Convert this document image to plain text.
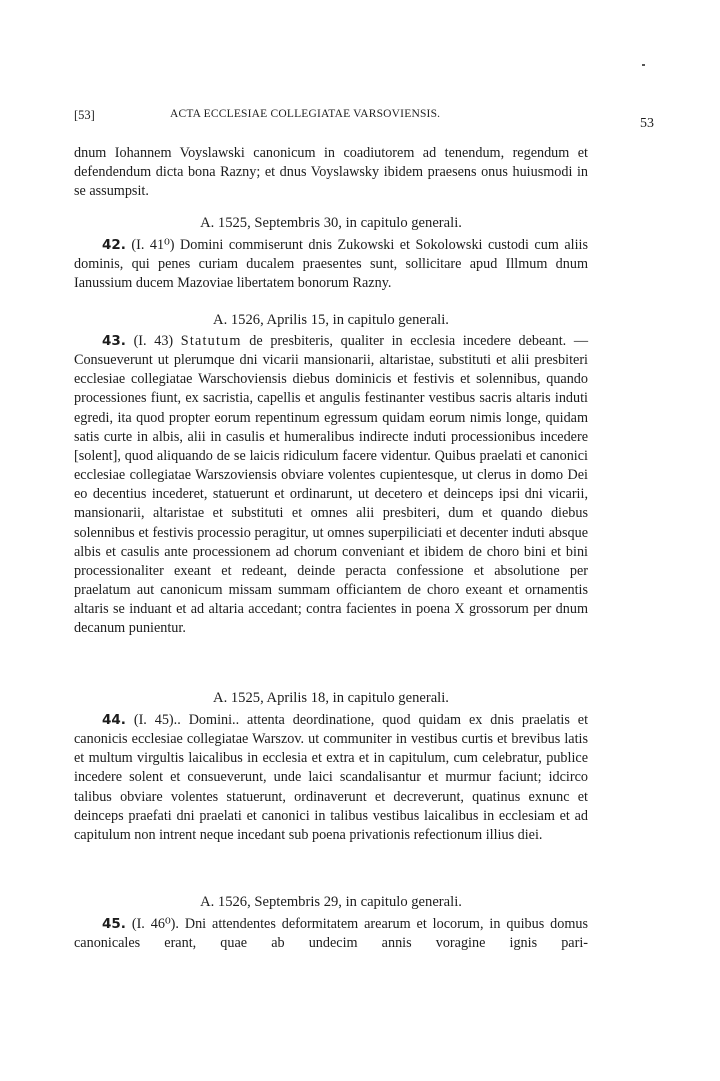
[53]	ACTA ECCLESIAE COLLEGIATAE VARSOVIENSIS.
53
dnum Iohannem Voyslawski canonicum in coadiutorem ad tenendum, regendum et defendendum dicta bona Razny; et dnus Voyslawsky ibidem praesens onus huiusmodi in se assumpsit.
A. 1525, Septembris 30, in capitulo generali.
42. (I. 41⁰) Domini commiserunt dnis Zukowski et Sokolowski custodi cum aliis dominis, qui penes curiam ducalem praesentes sunt, sollicitare apud Illmum dnum Ianussium ducem Mazoviae libertatem bonorum Razny.
A. 1526, Aprilis 15, in capitulo generali.
43. (I. 43) Statutum de presbiteris, qualiter in ecclesia incedere debeant. — Consueverunt ut plerumque dni vicarii mansionarii, altaristae, substituti et alii presbiteri ecclesiae collegiatae Warschoviensis diebus dominicis et festivis et solennibus, quando processiones fiunt, ex sacristia, capellis et angulis festinanter vestibus sacris altaris induti egredi, ita quod propter eorum repentinum egressum quidam eorum nimis longe, quidam satis curte in albis, alii in casulis et humeralibus indirecte induti processionibus incedere [solent], quod aliquando de se laicis ridiculum facere videntur. Quibus praelati et canonici ecclesiae collegiatae Warszoviensis obviare volentes cupientesque, ut clerus in domo Dei eo decentius incederet, statuerunt et ordinarunt, ut decetero et deinceps ipsi dni vicarii, mansionarii, altaristae et substituti et omnes alii presbiteri, dum et quando diebus solennibus et festivis processio peragitur, ut omnes superpiliciati et decenter induti absque albis et casulis ante processionem ad chorum conveniant et ibidem de choro bini et bini processionaliter exeant et redeant, deinde peracta confessione et absolutione per praelatum aut canonicum missam summam officiantem de choro exeant et ornamentis altaris se induant et ad altaria accedant; contra facientes in poena X grossorum per dnum decanum punientur.
A. 1525, Aprilis 18, in capitulo generali.
44. (I. 45).. Domini.. attenta deordinatione, quod quidam ex dnis praelatis et canonicis ecclesiae collegiatae Warszov. ut communiter in vestibus curtis et brevibus latis et multum virgultis laicalibus in ecclesia et extra et in capitulum, cum celebratur, publice incedere solent et consueverunt, unde laici scandalisantur et murmur faciunt; idcirco talibus obviare volentes statuerunt, ordinaverunt et decreverunt, quatinus exnunc et deinceps praefati dni praelati et canonici in talibus vestibus laicalibus in ecclesiam et ad capitulum non intrent neque incedant sub poena privationis refectionum illius diei.
A. 1526, Septembris 29, in capitulo generali.
45. (I. 46⁰). Dni attendentes deformitatem arearum et locorum, in quibus domus canonicales erant, quae ab undecim annis voragine ignis pari-
